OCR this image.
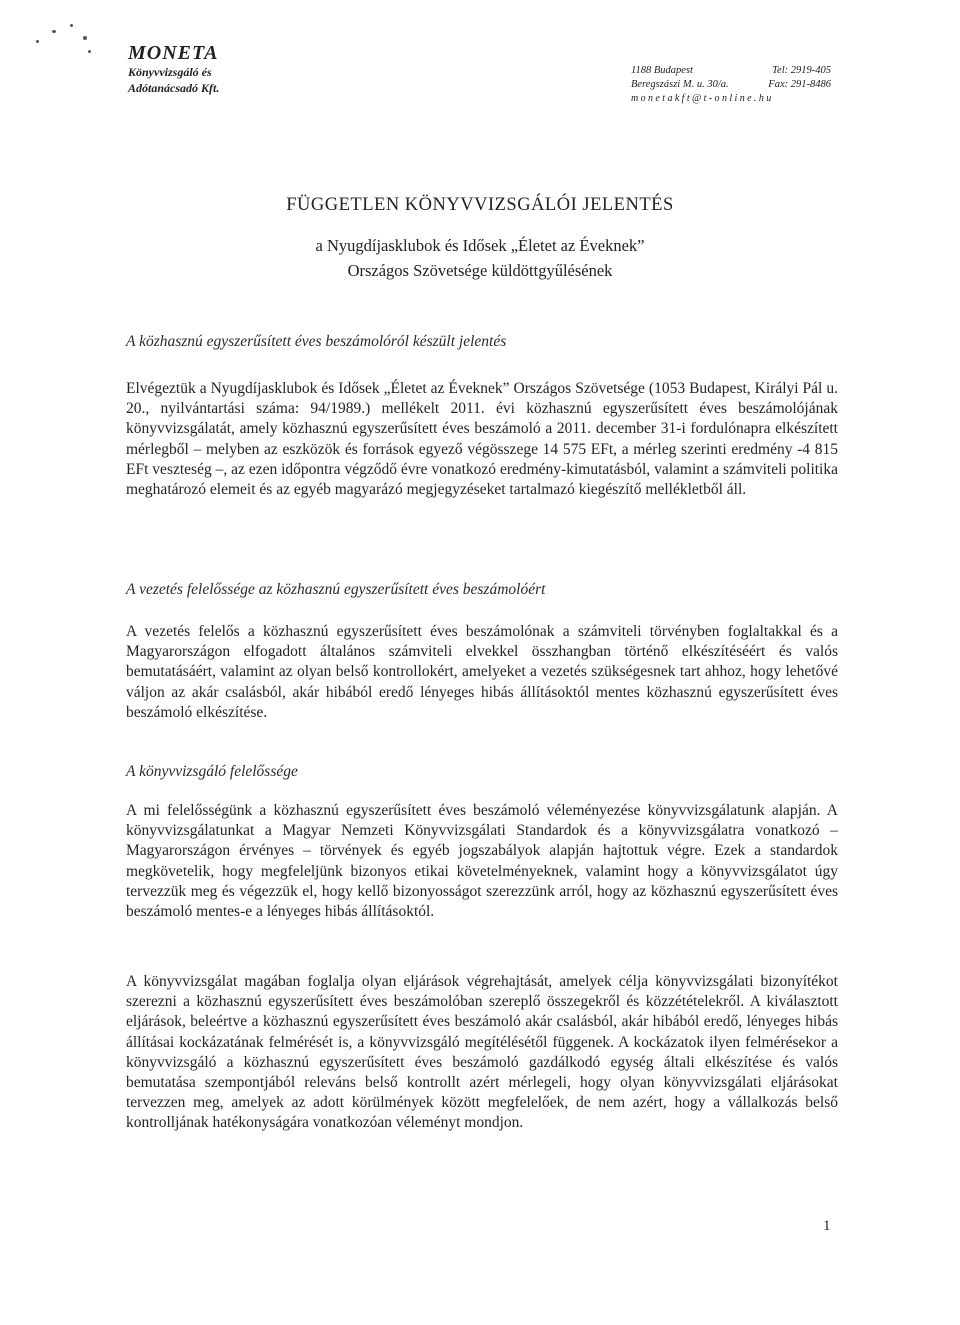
MONETA
Könyvvizsgáló és
Adótanácsadó Kft.
1188 Budapest	Tel: 2919-405
Beregszászi M. u. 30/a.	Fax: 291-8486
monetakft@t-online.hu
FÜGGETLEN KÖNYVVIZSGÁLÓI JELENTÉS
a Nyugdíjasklubok és Idősek „Életet az Éveknek”
Országos Szövetsége küldöttgyűlésének
A közhasznú egyszerűsített éves beszámolóról készült jelentés

Elvégeztük a Nyugdíjasklubok és Idősek „Életet az Éveknek” Országos Szövetsége (1053 Budapest, Királyi Pál u. 20., nyilvántartási száma: 94/1989.) mellékelt 2011. évi közhasznú egyszerűsített éves beszámolójának könyvvizsgálatát, amely közhasznú egyszerűsített éves beszámoló a 2011. december 31-i fordulónapra elkészített mérlegből – melyben az eszközök és források egyező végösszege 14 575 EFt, a mérleg szerinti eredmény -4 815 EFt veszteség –, az ezen időpontra végződő évre vonatkozó eredmény-kimutatásból, valamint a számviteli politika meghatározó elemeit és az egyéb magyarázó megjegyzéseket tartalmazó kiegészítő mellékletből áll.

A vezetés felelőssége az közhasznú egyszerűsített éves beszámolóért

A vezetés felelős a közhasznú egyszerűsített éves beszámolónak a számviteli törvényben foglaltakkal és a Magyarországon elfogadott általános számviteli elvekkel összhangban történő elkészítéséért és valós bemutatásáért, valamint az olyan belső kontrollokért, amelyeket a vezetés szükségesnek tart ahhoz, hogy lehetővé váljon az akár csalásból, akár hibából eredő lényeges hibás állításoktól mentes közhasznú egyszerűsített éves beszámoló elkészítése.

A könyvvizsgáló felelőssége

A mi felelősségünk a közhasznú egyszerűsített éves beszámoló véleményezése könyvvizsgálatunk alapján. A könyvvizsgálatunkat a Magyar Nemzeti Könyvvizsgálati Standardok és a könyvvizsgálatra vonatkozó – Magyarországon érvényes – törvények és egyéb jogszabályok alapján hajtottuk végre. Ezek a standardok megkövetelik, hogy megfeleljünk bizonyos etikai követelményeknek, valamint hogy a könyvvizsgálatot úgy tervezzük meg és végezzük el, hogy kellő bizonyosságot szerezzünk arról, hogy az közhasznú egyszerűsített éves beszámoló mentes-e a lényeges hibás állításoktól.

A könyvvizsgálat magában foglalja olyan eljárások végrehajtását, amelyek célja könyvvizsgálati bizonyítékot szerezni a közhasznú egyszerűsített éves beszámolóban szereplő összegekről és közzétételekről. A kiválasztott eljárások, beleértve a közhasznú egyszerűsített éves beszámoló akár csalásból, akár hibából eredő, lényeges hibás állításai kockázatának felmérését is, a könyvvizsgáló megítélésétől függenek. A kockázatok ilyen felmérésekor a könyvvizsgáló a közhasznú egyszerűsített éves beszámoló gazdálkodó egység általi elkészítése és valós bemutatása szempontjából releváns belső kontrollt azért mérlegeli, hogy olyan könyvvizsgálati eljárásokat tervezzen meg, amelyek az adott körülmények között megfelelőek, de nem azért, hogy a vállalkozás belső kontrolljának hatékonyságára vonatkozóan véleményt mondjon.

1
